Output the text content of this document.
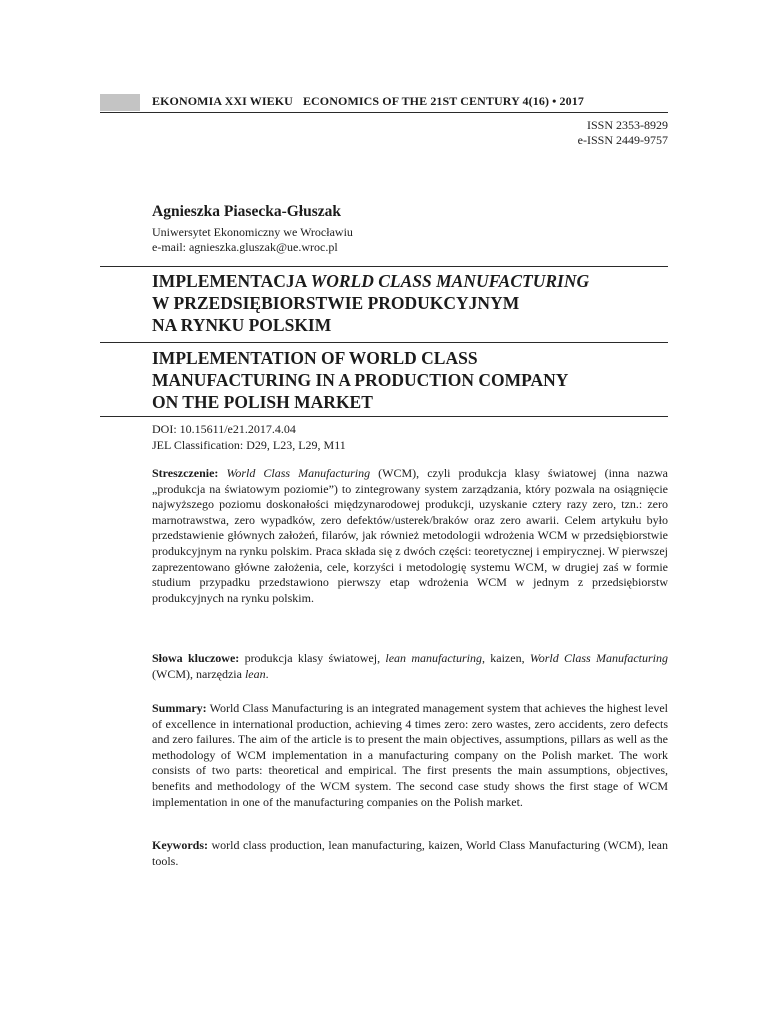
EKONOMIA XXI WIEKU ECONOMICS OF THE 21ST CENTURY 4(16) • 2017
ISSN 2353-8929
e-ISSN 2449-9757
Agnieszka Piasecka-Głuszak
Uniwersytet Ekonomiczny we Wrocławiu
e-mail: agnieszka.gluszak@ue.wroc.pl
IMPLEMENTACJA WORLD CLASS MANUFACTURING
W PRZEDSIĘBIORSTWIE PRODUKCYJNYM
NA RYNKU POLSKIM
IMPLEMENTATION OF WORLD CLASS
MANUFACTURING IN A PRODUCTION COMPANY
ON THE POLISH MARKET
DOI: 10.15611/e21.2017.4.04
JEL Classification: D29, L23, L29, M11
Streszczenie: World Class Manufacturing (WCM), czyli produkcja klasy światowej (inna nazwa „produkcja na światowym poziomie”) to zintegrowany system zarządzania, który pozwala na osiągnięcie najwyższego poziomu doskonałości międzynarodowej produkcji, uzyskanie cztery razy zero, tzn.: zero marnotrawstwa, zero wypadków, zero defektów/usterek/braków oraz zero awarii. Celem artykułu było przedstawienie głównych założeń, filarów, jak również metodologii wdrożenia WCM w przedsiębiorstwie produkcyjnym na rynku polskim. Praca składa się z dwóch części: teoretycznej i empirycznej. W pierwszej zaprezentowano główne założenia, cele, korzyści i metodologię systemu WCM, w drugiej zaś w formie studium przypadku przedstawiono pierwszy etap wdrożenia WCM w jednym z przedsiębiorstw produkcyjnych na rynku polskim.
Słowa kluczowe: produkcja klasy światowej, lean manufacturing, kaizen, World Class Manufacturing (WCM), narzędzia lean.
Summary: World Class Manufacturing is an integrated management system that achieves the highest level of excellence in international production, achieving 4 times zero: zero wastes, zero accidents, zero defects and zero failures. The aim of the article is to present the main objectives, assumptions, pillars as well as the methodology of WCM implementation in a manufacturing company on the Polish market. The work consists of two parts: theoretical and empirical. The first presents the main assumptions, objectives, benefits and methodology of the WCM system. The second case study shows the first stage of WCM implementation in one of the manufacturing companies on the Polish market.
Keywords: world class production, lean manufacturing, kaizen, World Class Manufacturing (WCM), lean tools.
